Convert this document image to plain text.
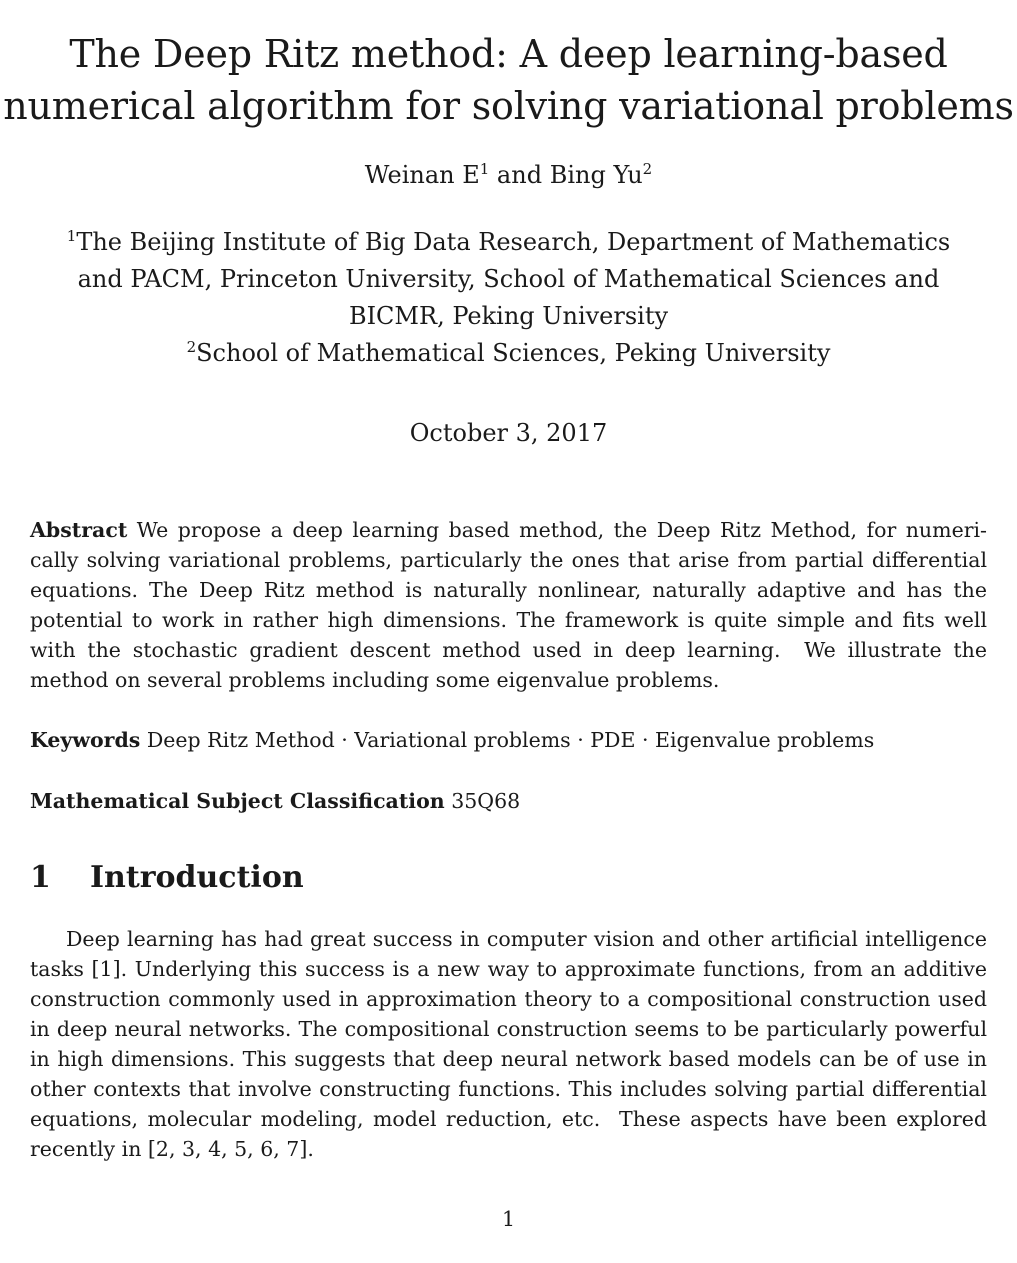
The Deep Ritz method: A deep learning-based
numerical algorithm for solving variational problems
Weinan $E^1$ and Bing Yu$^2$
$^1$The Beijing Institute of Big Data Research, Department of Mathematics
and PACM, Princeton University, School of Mathematical Sciences and
BICMR, Peking University
$^2$School of Mathematical Sciences, Peking University
October 3, 2017
Abstract We propose a deep learning based method, the Deep Ritz Method, for numeri-
cally solving variational problems, particularly the ones that arise from partial differential
equations. The Deep Ritz method is naturally nonlinear, naturally adaptive and has the
potential to work in rather high dimensions. The framework is quite simple and fits well
with the stochastic gradient descent method used in deep learning.  We illustrate the
method on several problems including some eigenvalue problems.
Keywords Deep Ritz Method · Variational problems · PDE · Eigenvalue problems
Mathematical Subject Classification 35Q68
1 Introduction
Deep learning has had great success in computer vision and other artificial intelligence
tasks [1]. Underlying this success is a new way to approximate functions, from an additive
construction commonly used in approximation theory to a compositional construction used
in deep neural networks. The compositional construction seems to be particularly powerful
in high dimensions. This suggests that deep neural network based models can be of use in
other contexts that involve constructing functions. This includes solving partial differential
equations, molecular modeling, model reduction, etc.  These aspects have been explored
recently in [2, 3, 4, 5, 6, 7].
1
